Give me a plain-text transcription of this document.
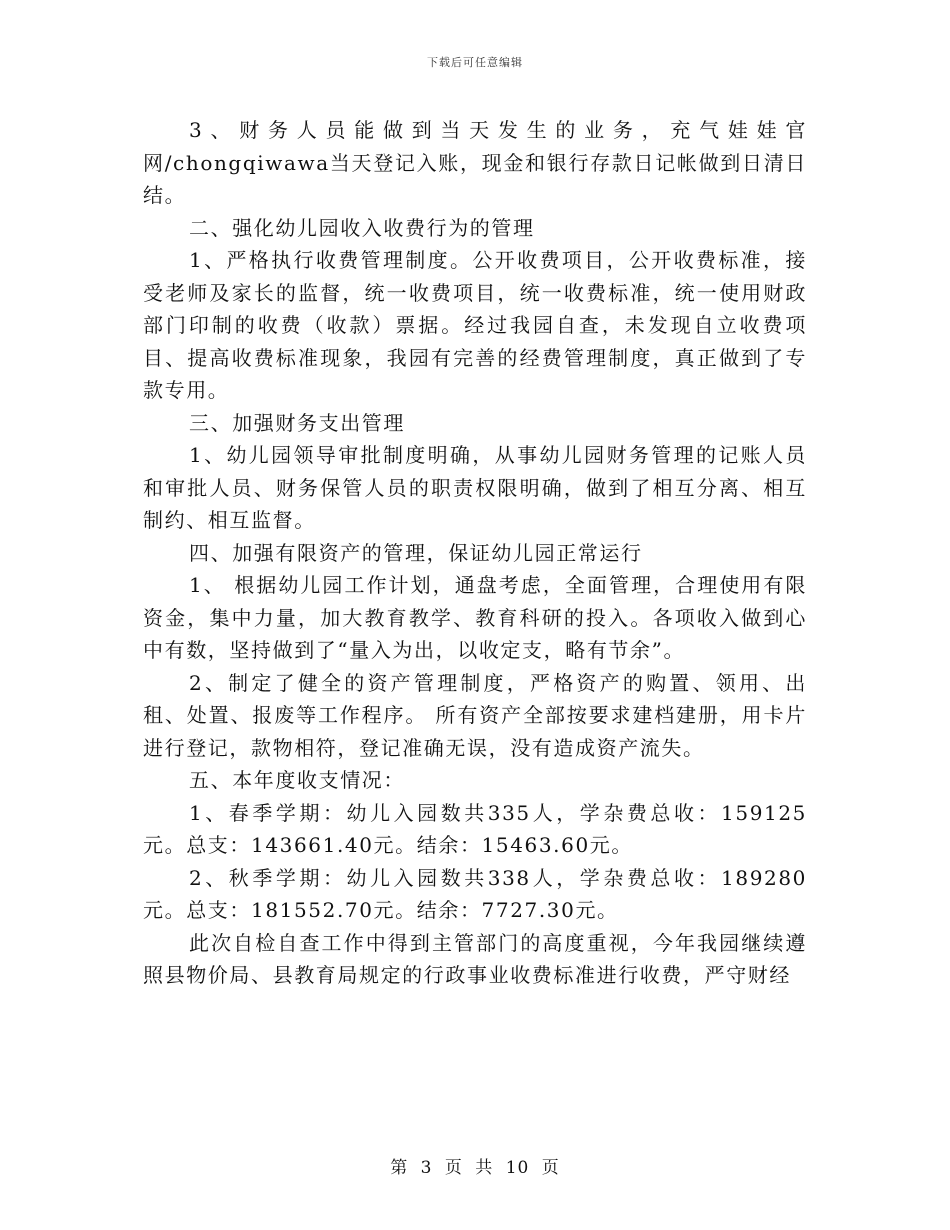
下载后可任意编辑

3、财务人员能做到当天发生的业务，充气娃娃官网/chongqiwawa当天登记入账，现金和银行存款日记帐做到日清日结。

二、强化幼儿园收入收费行为的管理

1、严格执行收费管理制度。公开收费项目，公开收费标准，接受老师及家长的监督，统一收费项目，统一收费标准，统一使用财政部门印制的收费（收款）票据。经过我园自查，未发现自立收费项目、提高收费标准现象，我园有完善的经费管理制度，真正做到了专款专用。

三、加强财务支出管理

1、幼儿园领导审批制度明确，从事幼儿园财务管理的记账人员和审批人员、财务保管人员的职责权限明确，做到了相互分离、相互制约、相互监督。

四、加强有限资产的管理，保证幼儿园正常运行

1、 根据幼儿园工作计划，通盘考虑，全面管理，合理使用有限资金，集中力量，加大教育教学、教育科研的投入。各项收入做到心中有数，坚持做到了“量入为出，以收定支，略有节余”。

2、制定了健全的资产管理制度，严格资产的购置、领用、出租、处置、报废等工作程序。 所有资产全部按要求建档建册，用卡片进行登记，款物相符，登记准确无误，没有造成资产流失。

五、本年度收支情况：

1、春季学期：幼儿入园数共335人，学杂费总收：159125元。总支：143661.40元。结余：15463.60元。

2、秋季学期：幼儿入园数共338人，学杂费总收：189280元。总支：181552.70元。结余：7727.30元。

此次自检自查工作中得到主管部门的高度重视，今年我园继续遵照县物价局、县教育局规定的行政事业收费标准进行收费，严守财经

第 3 页 共 10 页
